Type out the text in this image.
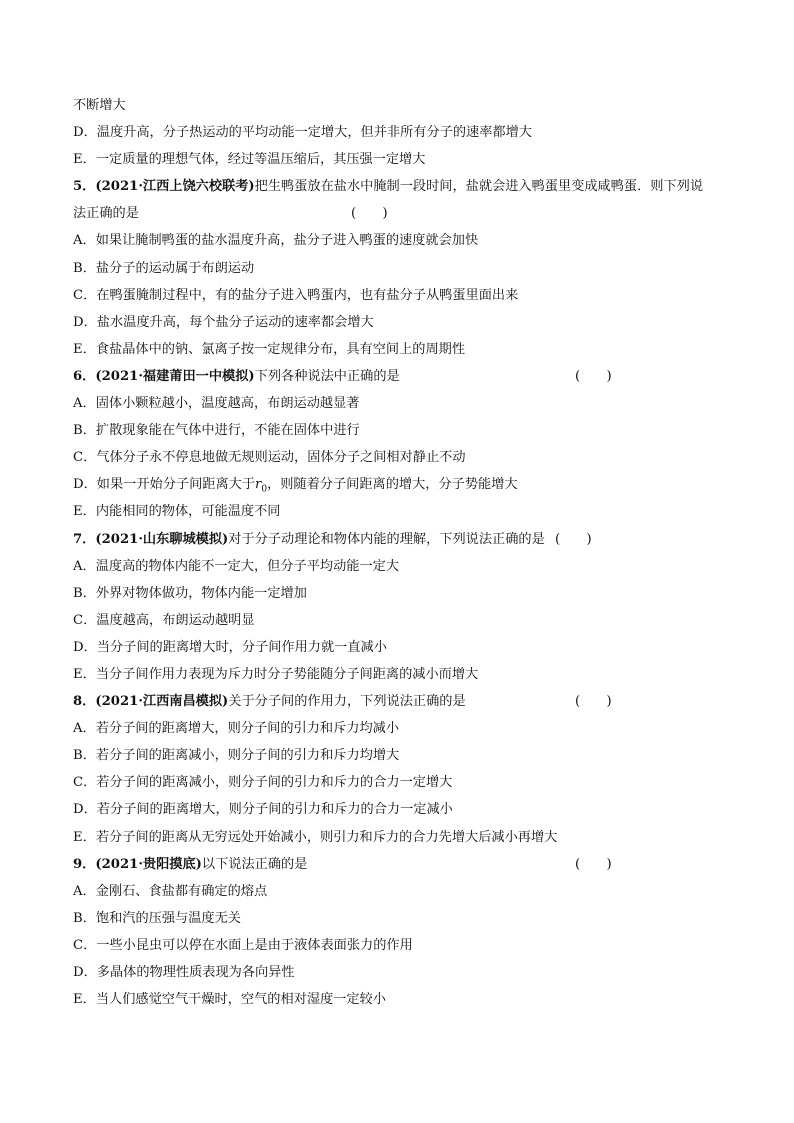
不断增大
D．温度升高，分子热运动的平均动能一定增大，但并非所有分子的速率都增大
E．一定质量的理想气体，经过等温压缩后，其压强一定增大
5．(2021·江西上饶六校联考)把生鸭蛋放在盐水中腌制一段时间，盐就会进入鸭蛋里变成咸鸭蛋．则下列说
法正确的是	(　　)
A．如果让腌制鸭蛋的盐水温度升高，盐分子进入鸭蛋的速度就会加快
B．盐分子的运动属于布朗运动
C．在鸭蛋腌制过程中，有的盐分子进入鸭蛋内，也有盐分子从鸭蛋里面出来
D．盐水温度升高，每个盐分子运动的速率都会增大
E．食盐晶体中的钠、氯离子按一定规律分布，具有空间上的周期性
6．(2021·福建莆田一中模拟)下列各种说法中正确的是	(　　)
A．固体小颗粒越小，温度越高，布朗运动越显著
B．扩散现象能在气体中进行，不能在固体中进行
C．气体分子永不停息地做无规则运动，固体分子之间相对静止不动
D．如果一开始分子间距离大于$r_0$，则随着分子间距离的增大，分子势能增大
E．内能相同的物体，可能温度不同
7．(2021·山东聊城模拟)对于分子动理论和物体内能的理解，下列说法正确的是 (　　)
A．温度高的物体内能不一定大，但分子平均动能一定大
B．外界对物体做功，物体内能一定增加
C．温度越高，布朗运动越明显
D．当分子间的距离增大时，分子间作用力就一直减小
E．当分子间作用力表现为斥力时分子势能随分子间距离的减小而增大
8．(2021·江西南昌模拟)关于分子间的作用力，下列说法正确的是	(　　)
A．若分子间的距离增大，则分子间的引力和斥力均减小
B．若分子间的距离减小，则分子间的引力和斥力均增大
C．若分子间的距离减小，则分子间的引力和斥力的合力一定增大
D．若分子间的距离增大，则分子间的引力和斥力的合力一定减小
E．若分子间的距离从无穷远处开始减小，则引力和斥力的合力先增大后减小再增大
9．(2021·贵阳摸底)以下说法正确的是	(　　)
A．金刚石、食盐都有确定的熔点
B．饱和汽的压强与温度无关
C．一些小昆虫可以停在水面上是由于液体表面张力的作用
D．多晶体的物理性质表现为各向异性
E．当人们感觉空气干燥时，空气的相对湿度一定较小
